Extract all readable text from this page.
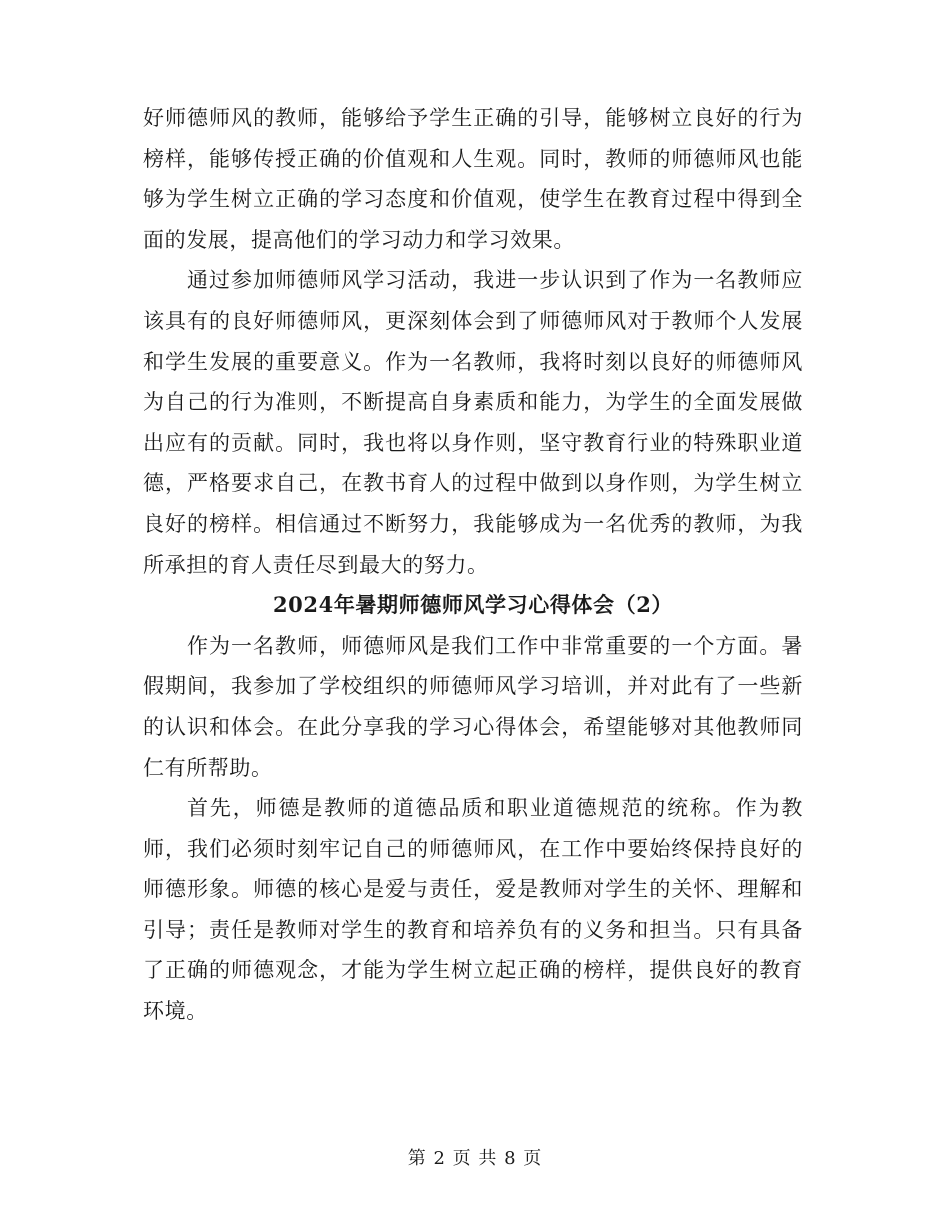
好师德师风的教师，能够给予学生正确的引导，能够树立良好的行为榜样，能够传授正确的价值观和人生观。同时，教师的师德师风也能够为学生树立正确的学习态度和价值观，使学生在教育过程中得到全面的发展，提高他们的学习动力和学习效果。

通过参加师德师风学习活动，我进一步认识到了作为一名教师应该具有的良好师德师风，更深刻体会到了师德师风对于教师个人发展和学生发展的重要意义。作为一名教师，我将时刻以良好的师德师风为自己的行为准则，不断提高自身素质和能力，为学生的全面发展做出应有的贡献。同时，我也将以身作则，坚守教育行业的特殊职业道德，严格要求自己，在教书育人的过程中做到以身作则，为学生树立良好的榜样。相信通过不断努力，我能够成为一名优秀的教师，为我所承担的育人责任尽到最大的努力。

2024年暑期师德师风学习心得体会（2）

作为一名教师，师德师风是我们工作中非常重要的一个方面。暑假期间，我参加了学校组织的师德师风学习培训，并对此有了一些新的认识和体会。在此分享我的学习心得体会，希望能够对其他教师同仁有所帮助。

首先，师德是教师的道德品质和职业道德规范的统称。作为教师，我们必须时刻牢记自己的师德师风，在工作中要始终保持良好的师德形象。师德的核心是爱与责任，爱是教师对学生的关怀、理解和引导；责任是教师对学生的教育和培养负有的义务和担当。只有具备了正确的师德观念，才能为学生树立起正确的榜样，提供良好的教育环境。

第 2 页 共 8 页
